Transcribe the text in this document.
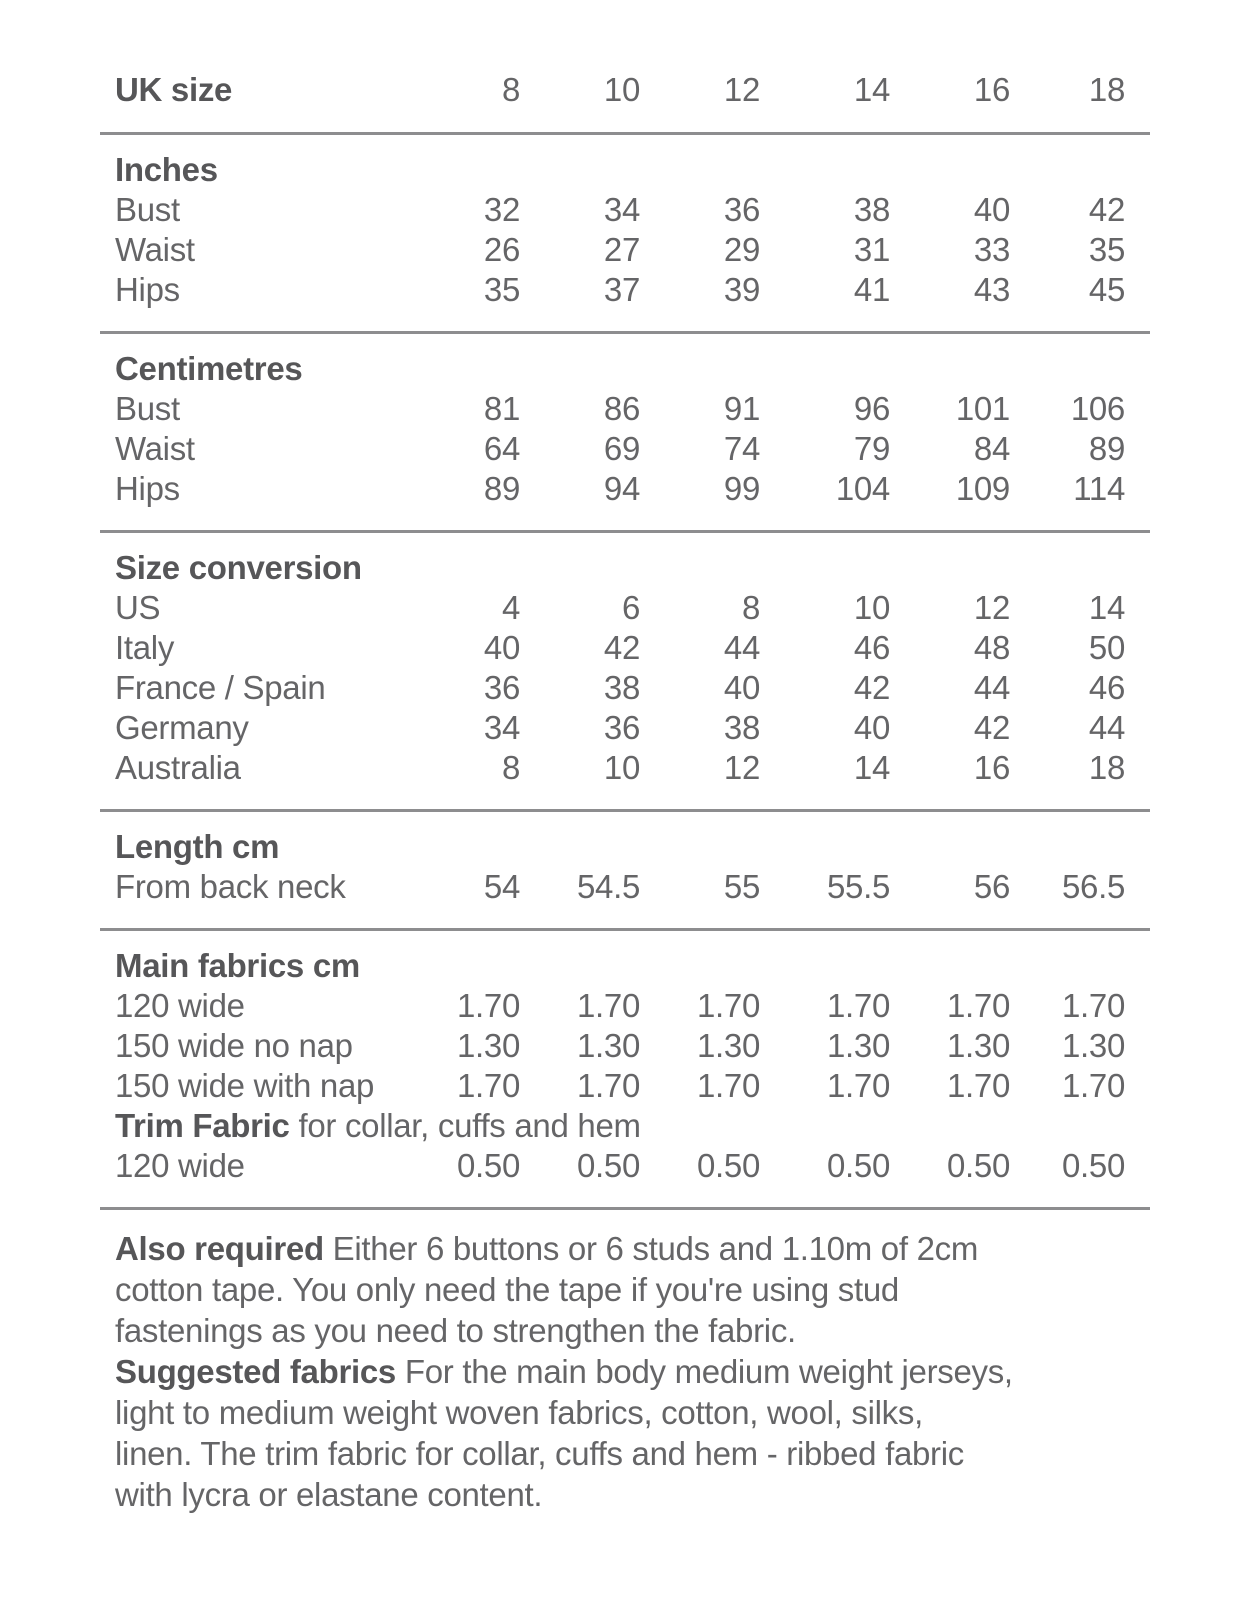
UK size	8	10	12	14	16	18
Inches
Bust	32	34	36	38	40	42
Waist	26	27	29	31	33	35
Hips	35	37	39	41	43	45
Centimetres
Bust	81	86	91	96	101	106
Waist	64	69	74	79	84	89
Hips	89	94	99	104	109	114
Size conversion
US	4	6	8	10	12	14
Italy	40	42	44	46	48	50
France / Spain	36	38	40	42	44	46
Germany	34	36	38	40	42	44
Australia	8	10	12	14	16	18
Length cm
From back neck	54	54.5	55	55.5	56	56.5
Main fabrics cm
120 wide	1.70	1.70	1.70	1.70	1.70	1.70
150 wide no nap	1.30	1.30	1.30	1.30	1.30	1.30
150 wide with nap	1.70	1.70	1.70	1.70	1.70	1.70
Trim Fabric for collar, cuffs and hem
120 wide	0.50	0.50	0.50	0.50	0.50	0.50

Also required Either 6 buttons or 6 studs and 1.10m of 2cm
cotton tape. You only need the tape if you're using stud
fastenings as you need to strengthen the fabric.

Suggested fabrics For the main body medium weight jerseys,
light to medium weight woven fabrics, cotton, wool, silks,
linen. The trim fabric for collar, cuffs and hem - ribbed fabric
with lycra or elastane content.
